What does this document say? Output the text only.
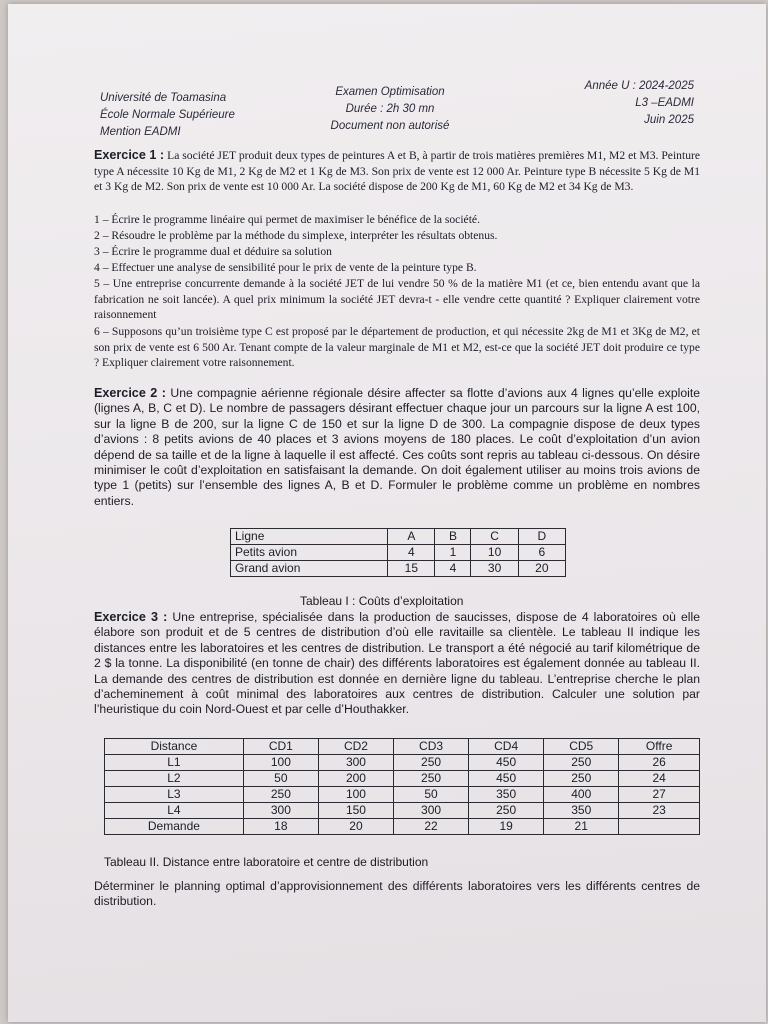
Université de Toamasina
École Normale Supérieure
Mention EADMI
Examen Optimisation
Durée : 2h 30 mn
Document non autorisé
Année U : 2024-2025
L3 –EADMI
Juin 2025

Exercice 1 : La société JET produit deux types de peintures A et B, à partir de trois matières premières M1, M2 et M3. Peinture type A nécessite 10 Kg de M1, 2 Kg de M2 et 1 Kg de M3. Son prix de vente est 12 000 Ar. Peinture type B nécessite 5 Kg de M1 et 3 Kg de M2. Son prix de vente est 10 000 Ar. La société dispose de 200 Kg de M1, 60 Kg de M2 et 34 Kg de M3.

1 – Écrire le programme linéaire qui permet de maximiser le bénéfice de la société.

2 – Résoudre le problème par la méthode du simplexe, interpréter les résultats obtenus.

3 – Écrire le programme dual et déduire sa solution

4 – Effectuer une analyse de sensibilité pour le prix de vente de la peinture type B.

5 – Une entreprise concurrente demande à la société JET de lui vendre 50 % de la matière M1 (et ce, bien entendu avant que la fabrication ne soit lancée). A quel prix minimum la société JET devra-t - elle vendre cette quantité ? Expliquer clairement votre raisonnement

6 – Supposons qu’un troisième type C est proposé par le département de production, et qui nécessite 2kg de M1 et 3Kg de M2, et son prix de vente est 6 500 Ar. Tenant compte de la valeur marginale de M1 et M2, est-ce que la société JET doit produire ce type ? Expliquer clairement votre raisonnement.

Exercice 2 : Une compagnie aérienne régionale désire affecter sa flotte d’avions aux 4 lignes qu’elle exploite (lignes A, B, C et D). Le nombre de passagers désirant effectuer chaque jour un parcours sur la ligne A est 100, sur la ligne B de 200, sur la ligne C de 150 et sur la ligne D de 300. La compagnie dispose de deux types d’avions : 8 petits avions de 40 places et 3 avions moyens de 180 places. Le coût d’exploitation d’un avion dépend de sa taille et de la ligne à laquelle il est affecté. Ces coûts sont repris au tableau ci-dessous. On désire minimiser le coût d’exploitation en satisfaisant la demande. On doit également utiliser au moins trois avions de type 1 (petits) sur l’ensemble des lignes A, B et D. Formuler le problème comme un problème en nombres entiers.

Ligne	A	B	C	D
Petits avion	4	1	10	6
Grand avion	15	4	30	20
Tableau I : Coûts d’exploitation

Exercice 3 : Une entreprise, spécialisée dans la production de saucisses, dispose de 4 laboratoires où elle élabore son produit et de 5 centres de distribution d’où elle ravitaille sa clientèle. Le tableau II indique les distances entre les laboratoires et les centres de distribution. Le transport a été négocié au tarif kilométrique de 2 $ la tonne. La disponibilité (en tonne de chair) des différents laboratoires est également donnée au tableau II. La demande des centres de distribution est donnée en dernière ligne du tableau. L’entreprise cherche le plan d’acheminement à coût minimal des laboratoires aux centres de distribution. Calculer une solution par l’heuristique du coin Nord-Ouest et par celle d’Houthakker.

Distance	CD1	CD2	CD3	CD4	CD5	Offre
L1	100	300	250	450	250	26
L2	50	200	250	450	250	24
L3	250	100	50	350	400	27
L4	300	150	300	250	350	23
Demande	18	20	22	19	21	
Tableau II. Distance entre laboratoire et centre de distribution

Déterminer le planning optimal d’approvisionnement des différents laboratoires vers les différents centres de distribution.
